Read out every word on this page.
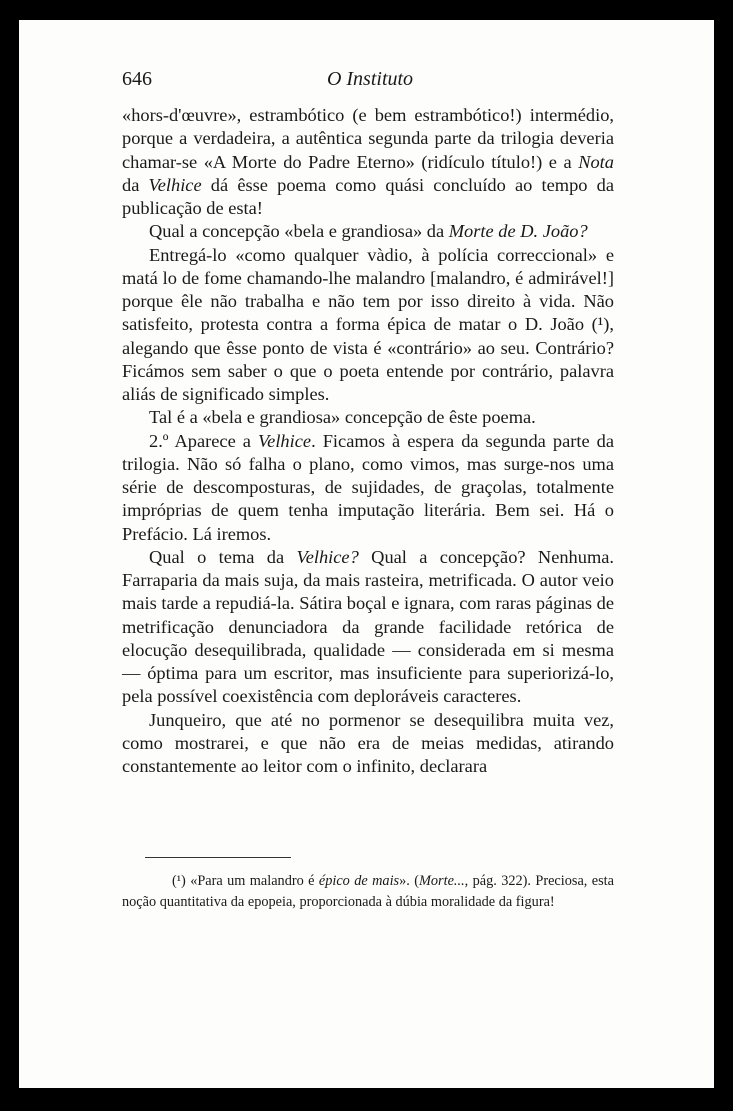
646	O Instituto

«hors-d'œuvre», estrambótico (e bem estrambótico!) intermédio, porque a verdadeira, a autêntica segunda parte da trilogia deveria chamar-se «A Morte do Padre Eterno» (ridículo título!) e a Nota da Velhice dá êsse poema como quási concluído ao tempo da publicação de esta!

Qual a concepção «bela e grandiosa» da Morte de D. João?

Entregá-lo «como qualquer vàdio, à polícia correccional» e matá lo de fome chamando-lhe malandro [malandro, é admirável!] porque êle não trabalha e não tem por isso direito à vida. Não satisfeito, protesta contra a forma épica de matar o D. João (¹), alegando que êsse ponto de vista é «contrário» ao seu. Contrário? Ficámos sem saber o que o poeta entende por contrário, palavra aliás de significado simples.

Tal é a «bela e grandiosa» concepção de êste poema.

2.º Aparece a Velhice. Ficamos à espera da segunda parte da trilogia. Não só falha o plano, como vimos, mas surge-nos uma série de descomposturas, de sujidades, de graçolas, totalmente impróprias de quem tenha imputação literária. Bem sei. Há o Prefácio. Lá iremos.

Qual o tema da Velhice? Qual a concepção? Nenhuma. Farraparia da mais suja, da mais rasteira, metrificada. O autor veio mais tarde a repudiá-la. Sátira boçal e ignara, com raras páginas de metrificação denunciadora da grande facilidade retórica de elocução desequilibrada, qualidade — considerada em si mesma — óptima para um escritor, mas insuficiente para superiorizá-lo, pela possível coexistência com deploráveis caracteres.

Junqueiro, que até no pormenor se desequilibra muita vez, como mostrarei, e que não era de meias medidas, atirando constantemente ao leitor com o infinito, declarara

(¹) «Para um malandro é épico de mais». (Morte..., pág. 322). Preciosa, esta noção quantitativa da epopeia, proporcionada à dúbia moralidade da figura!
